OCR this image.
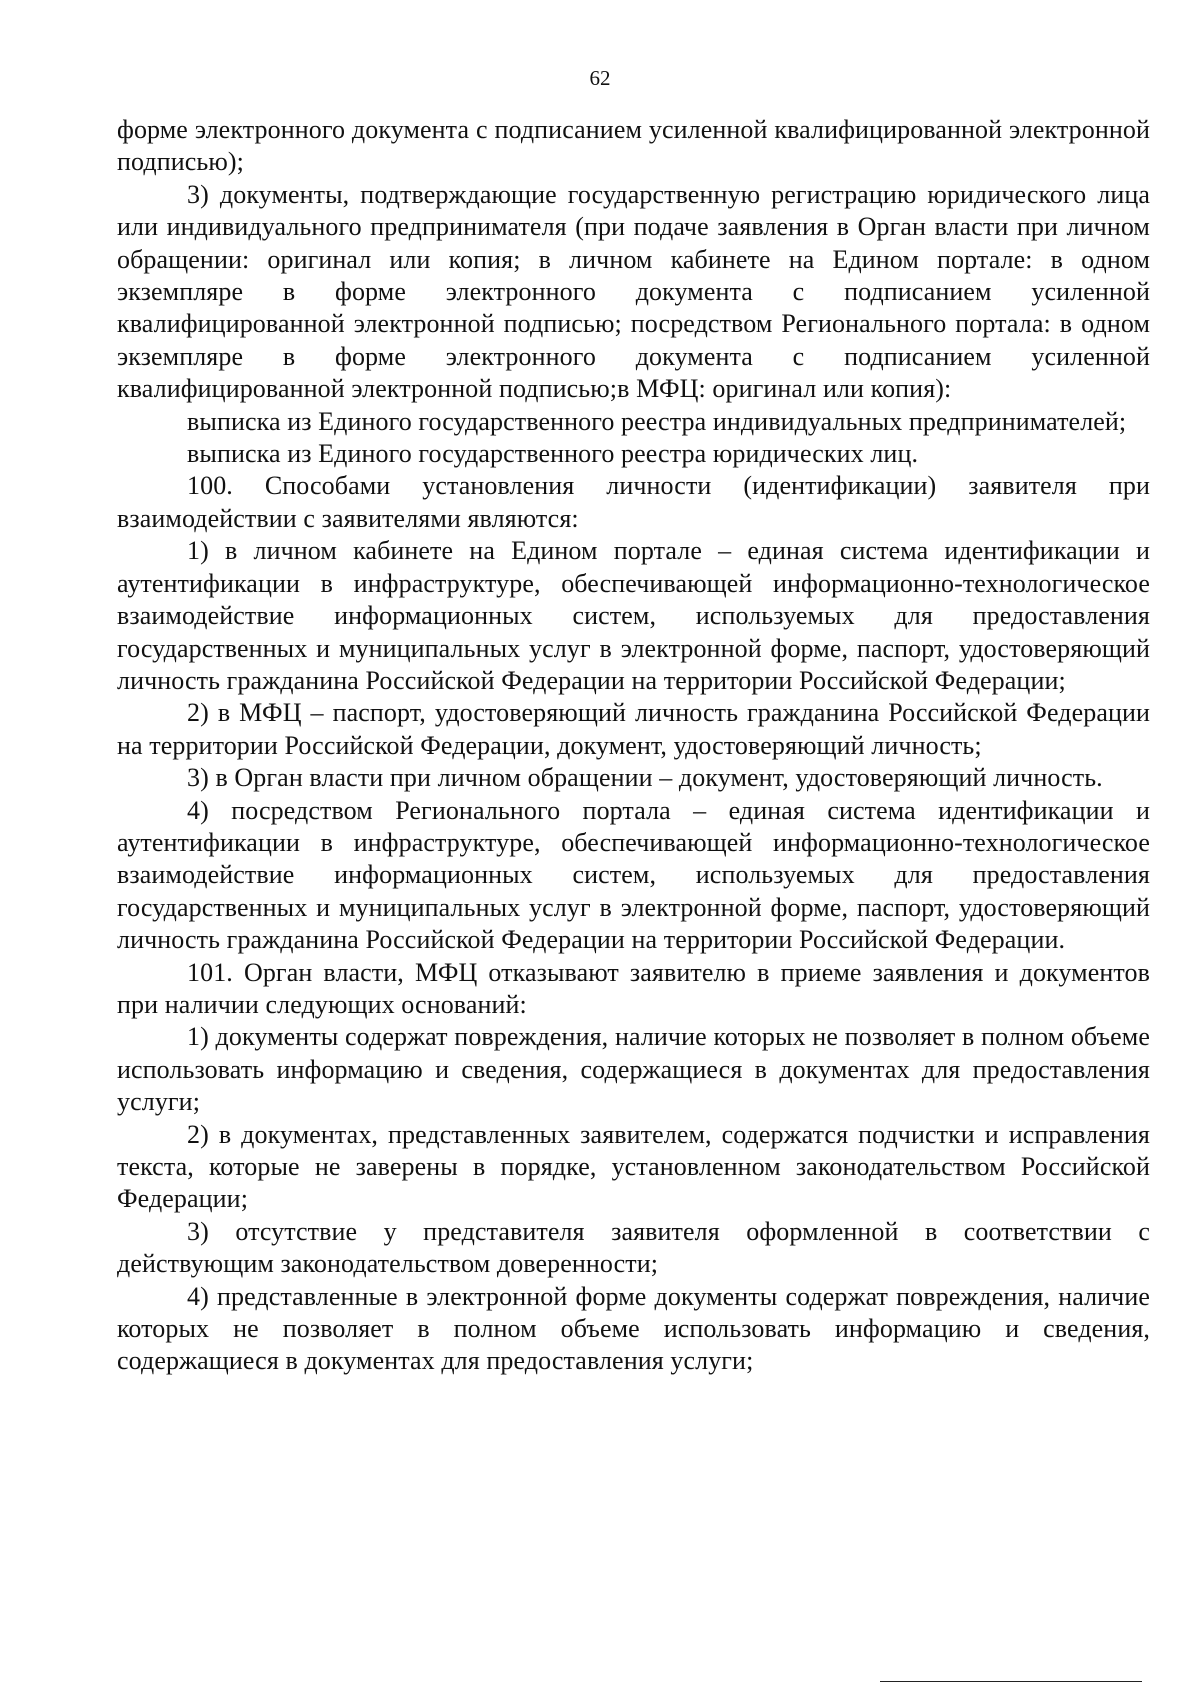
62

форме электронного документа с подписанием усиленной квалифицированной электронной подписью);

3) документы, подтверждающие государственную регистрацию юридического лица или индивидуального предпринимателя (при подаче заявления в Орган власти при личном обращении: оригинал или копия; в личном кабинете на Едином портале: в одном экземпляре в форме электронного документа с подписанием усиленной квалифицированной электронной подписью; посредством Регионального портала: в одном экземпляре в форме электронного документа с подписанием усиленной квалифицированной электронной подписью;в МФЦ: оригинал или копия):

выписка из Единого государственного реестра индивидуальных предпринимателей;

выписка из Единого государственного реестра юридических лиц.

100. Способами установления личности (идентификации) заявителя при взаимодействии с заявителями являются:

1) в личном кабинете на Едином портале – единая система идентификации и аутентификации в инфраструктуре, обеспечивающей информационно-технологическое взаимодействие информационных систем, используемых для предоставления государственных и муниципальных услуг в электронной форме, паспорт, удостоверяющий личность гражданина Российской Федерации на территории Российской Федерации;

2) в МФЦ – паспорт, удостоверяющий личность гражданина Российской Федерации на территории Российской Федерации, документ, удостоверяющий личность;

3) в Орган власти при личном обращении – документ, удостоверяющий личность.

4) посредством Регионального портала – единая система идентификации и аутентификации в инфраструктуре, обеспечивающей информационно-технологическое взаимодействие информационных систем, используемых для предоставления государственных и муниципальных услуг в электронной форме, паспорт, удостоверяющий личность гражданина Российской Федерации на территории Российской Федерации.

101. Орган власти, МФЦ отказывают заявителю в приеме заявления и документов при наличии следующих оснований:

1) документы содержат повреждения, наличие которых не позволяет в полном объеме использовать информацию и сведения, содержащиеся в документах для предоставления услуги;

2) в документах, представленных заявителем, содержатся подчистки и исправления текста, которые не заверены в порядке, установленном законодательством Российской Федерации;

3) отсутствие у представителя заявителя оформленной в соответствии с действующим законодательством доверенности;

4) представленные в электронной форме документы содержат повреждения, наличие которых не позволяет в полном объеме использовать информацию и сведения, содержащиеся в документах для предоставления услуги;
